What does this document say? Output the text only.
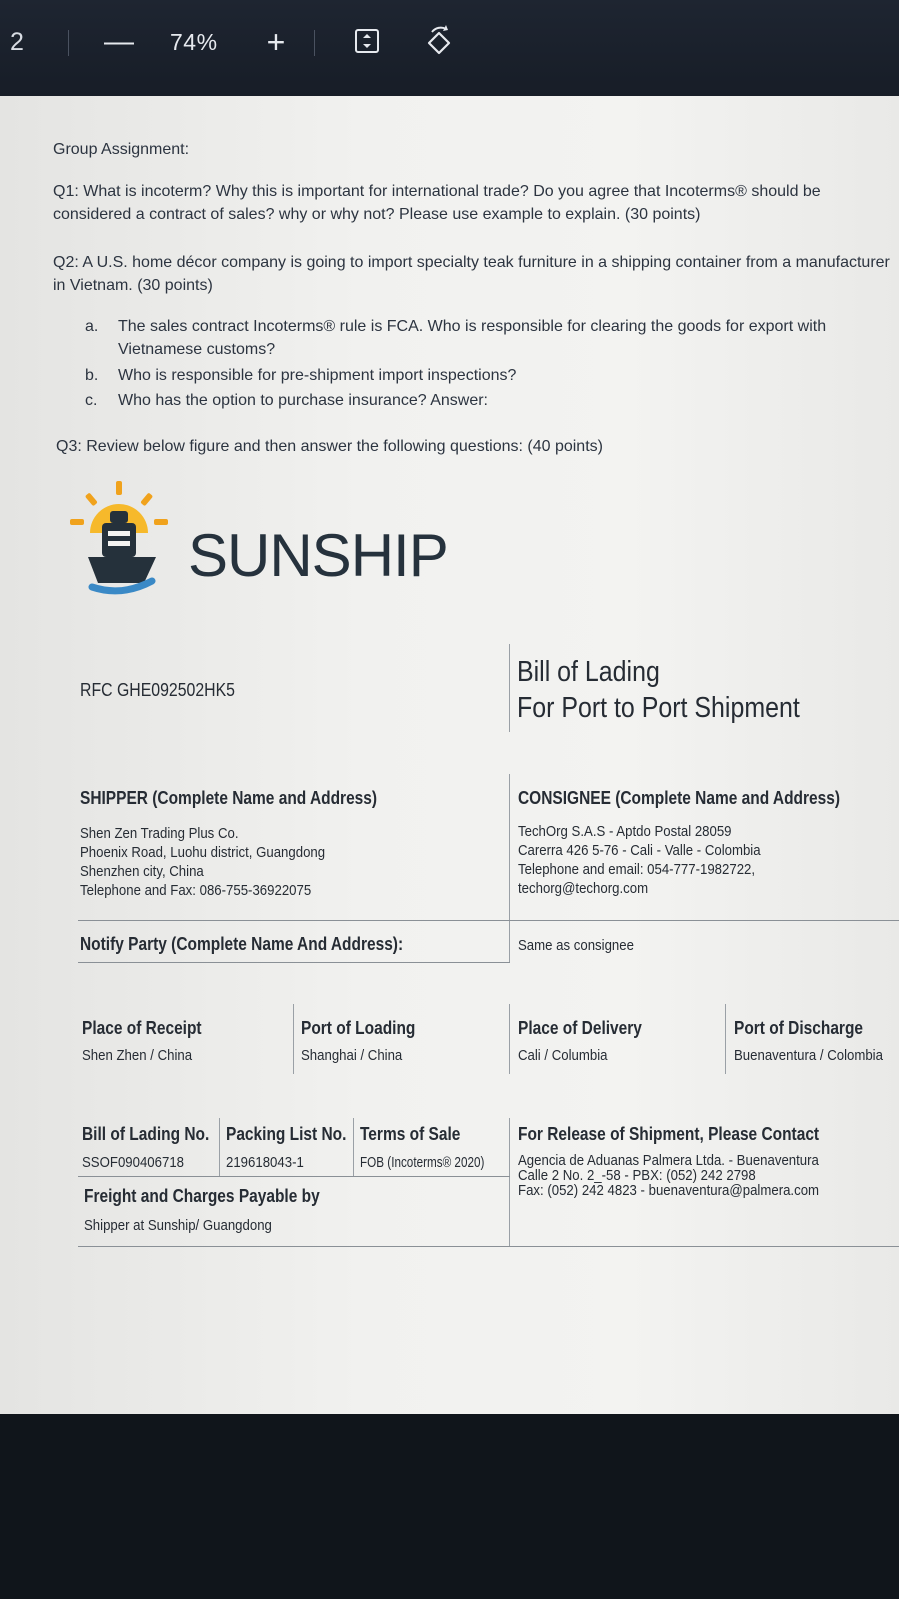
2	— 74% +
Group Assignment:
Q1: What is incoterm? Why this is important for international trade? Do you agree that Incoterms® should be considered a contract of sales? why or why not? Please use example to explain. (30 points)
Q2: A U.S. home décor company is going to import specialty teak furniture in a shipping container from a manufacturer in Vietnam. (30 points)
a. The sales contract Incoterms® rule is FCA. Who is responsible for clearing the goods for export with Vietnamese customs?
b. Who is responsible for pre-shipment import inspections?
c. Who has the option to purchase insurance? Answer:
Q3: Review below figure and then answer the following questions: (40 points)
SUNSHIP
RFC GHE092502HK5
Bill of Lading
For Port to Port Shipment
SHIPPER (Complete Name and Address)
Shen Zen Trading Plus Co.
Phoenix Road, Luohu district, Guangdong
Shenzhen city, China
Telephone and Fax: 086-755-36922075
CONSIGNEE (Complete Name and Address)
TechOrg S.A.S - Aptdo Postal 28059
Carerra 426 5-76 - Cali - Valle - Colombia
Telephone and email: 054-777-1982722,
techorg@techorg.com
Notify Party (Complete Name And Address):	Same as consignee
Place of Receipt
Shen Zhen / China
Port of Loading
Shanghai / China
Place of Delivery
Cali / Columbia
Port of Discharge
Buenaventura / Colombia
Bill of Lading No.
SSOF090406718
Packing List No.
219618043-1
Terms of Sale
FOB (Incoterms® 2020)
For Release of Shipment, Please Contact
Agencia de Aduanas Palmera Ltda. - Buenaventura
Calle 2 No. 2_-58 - PBX: (052) 242 2798
Fax: (052) 242 4823 - buenaventura@palmera.com
Freight and Charges Payable by
Shipper at Sunship/ Guangdong
